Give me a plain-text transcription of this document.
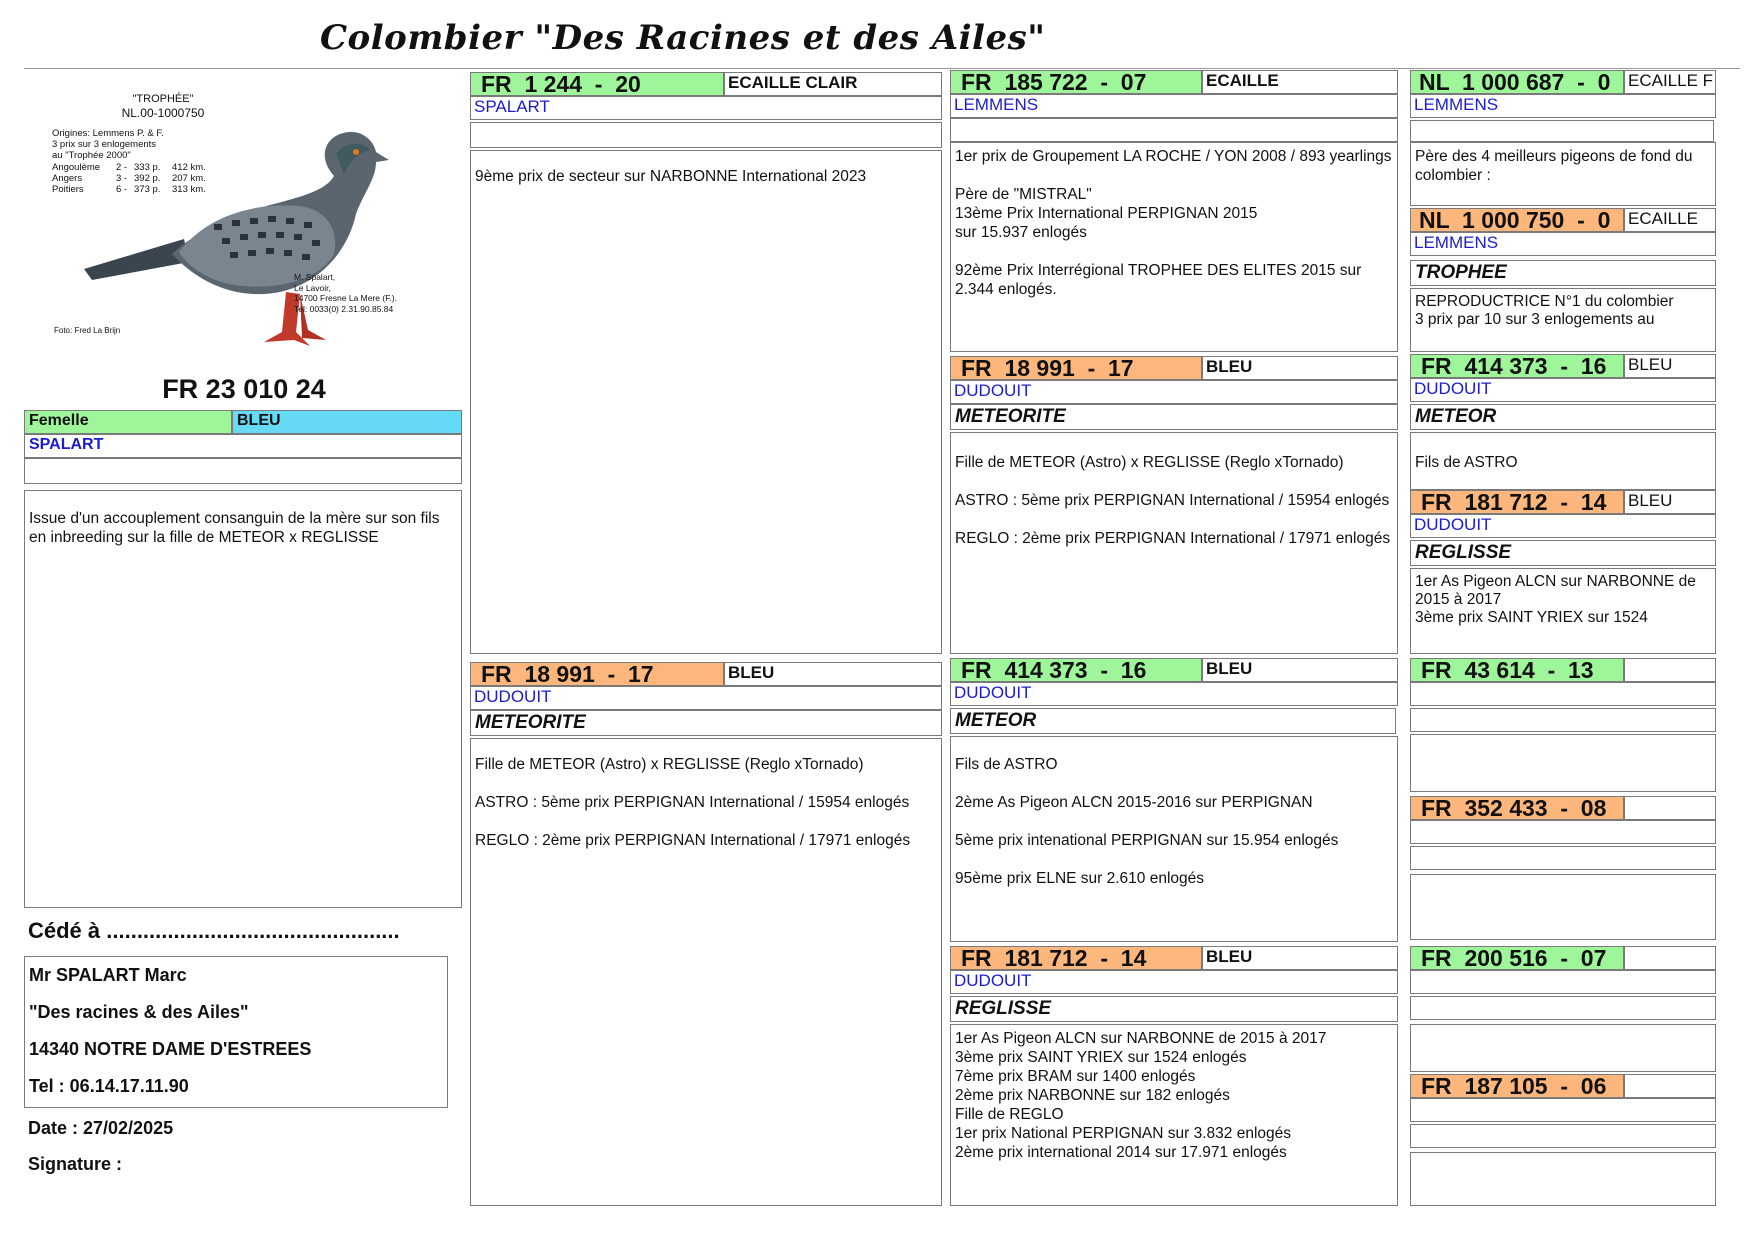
Colombier "Des Racines et des Ailes"
"TROPHÉE"
NL.00-1000750
Origines: Lemmens P. & F.
3 prix sur 3 enlogements
au "Trophée 2000"
Angoulème 2 - 333 p. 412 km.
Angers	3 - 392 p. 207 km.
Poitiers	6 - 373 p. 313 km.
M. Spalart,
Le Lavoir,
14700 Fresne La Mere (F.).
Tel: 0033(0) 2.31.90.85.84
Foto: Fred La Brijn
FR 23 010 24
Femelle	BLEU
SPALART
Issue d'un accouplement consanguin de la mère sur son fils
en inbreeding sur la fille de METEOR x REGLISSE
Cédé à ................................................
Mr SPALART Marc
"Des racines & des Ailes"
14340 NOTRE DAME D'ESTREES
Tel : 06.14.17.11.90
Date : 27/02/2025
Signature :
FR  1 244  -  20	ECAILLE CLAIR
SPALART
9ème prix de secteur sur NARBONNE International 2023
FR  18 991  -  17	BLEU
DUDOUIT
METEORITE
Fille de METEOR (Astro) x REGLISSE (Reglo xTornado)

ASTRO : 5ème prix PERPIGNAN International / 15954 enlogés

REGLO : 2ème prix PERPIGNAN International / 17971 enlogés
FR  185 722  -  07	ECAILLE
LEMMENS
1er prix de Groupement LA ROCHE / YON 2008 / 893 yearlings

Père de "MISTRAL"
13ème Prix International PERPIGNAN 2015
sur 15.937 enlogés

92ème Prix Interrégional TROPHEE DES ELITES 2015 sur 2.344 enlogés.
FR  18 991  -  17	BLEU
DUDOUIT
METEORITE
Fille de METEOR (Astro) x REGLISSE (Reglo xTornado)

ASTRO : 5ème prix PERPIGNAN International / 15954 enlogés

REGLO : 2ème prix PERPIGNAN International / 17971 enlogés
FR  414 373  -  16	BLEU
DUDOUIT
METEOR
Fils de ASTRO

2ème As Pigeon ALCN 2015-2016 sur PERPIGNAN

5ème prix intenational PERPIGNAN sur 15.954 enlogés

95ème prix ELNE sur 2.610 enlogés
FR  181 712  -  14	BLEU
DUDOUIT
REGLISSE
1er As Pigeon ALCN sur NARBONNE de 2015 à 2017
3ème prix SAINT YRIEX sur 1524 enlogés
7ème prix BRAM sur 1400 enlogés
2ème prix NARBONNE sur 182 enlogés
Fille de REGLO
1er prix National PERPIGNAN sur 3.832 enlogés
2ème prix international 2014 sur 17.971 enlogés
NL  1 000 687  -  0	ECAILLE F
LEMMENS
Père des 4 meilleurs pigeons de fond du colombier :
NL  1 000 750  -  0	ECAILLE
LEMMENS
TROPHEE
REPRODUCTRICE N°1 du colombier
3 prix par 10 sur 3 enlogements au
FR  414 373  -  16	BLEU
DUDOUIT
METEOR
Fils de ASTRO
FR  181 712  -  14	BLEU
DUDOUIT
REGLISSE
1er As Pigeon ALCN sur NARBONNE de 2015 à 2017
3ème prix SAINT YRIEX sur 1524
FR  43 614  -  13
FR  352 433  -  08
FR  200 516  -  07
FR  187 105  -  06
